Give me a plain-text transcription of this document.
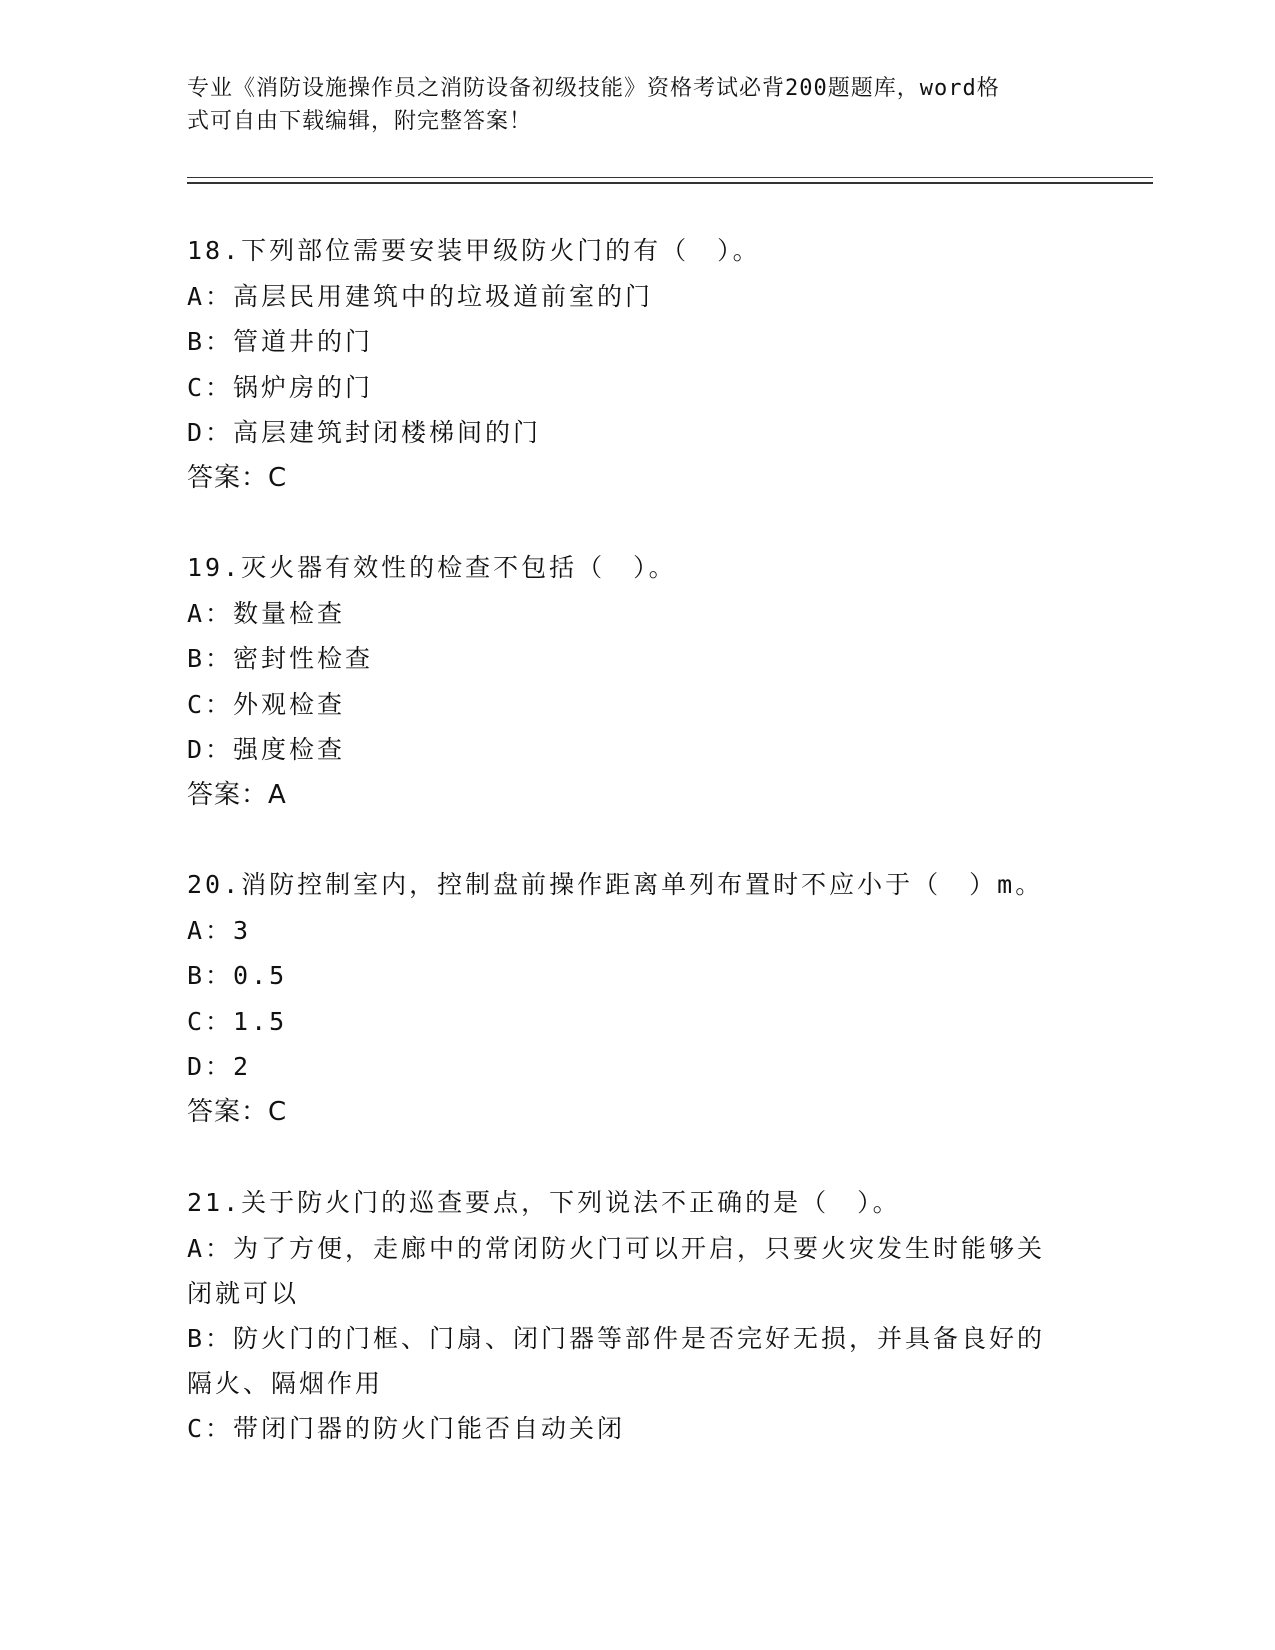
专业《消防设施操作员之消防设备初级技能》资格考试必背200题题库，word格
式可自由下载编辑，附完整答案！
18.下列部位需要安装甲级防火门的有（　）。
A：高层民用建筑中的垃圾道前室的门
B：管道井的门
C：锅炉房的门
D：高层建筑封闭楼梯间的门
答案：C
19.灭火器有效性的检查不包括（　）。
A：数量检查
B：密封性检查
C：外观检查
D：强度检查
答案：A
20.消防控制室内，控制盘前操作距离单列布置时不应小于（　）m。
A：3
B：0.5
C：1.5
D：2
答案：C
21.关于防火门的巡查要点，下列说法不正确的是（　）。
A：为了方便，走廊中的常闭防火门可以开启，只要火灾发生时能够关闭就可以
B：防火门的门框、门扇、闭门器等部件是否完好无损，并具备良好的隔火、隔烟作用
C：带闭门器的防火门能否自动关闭
